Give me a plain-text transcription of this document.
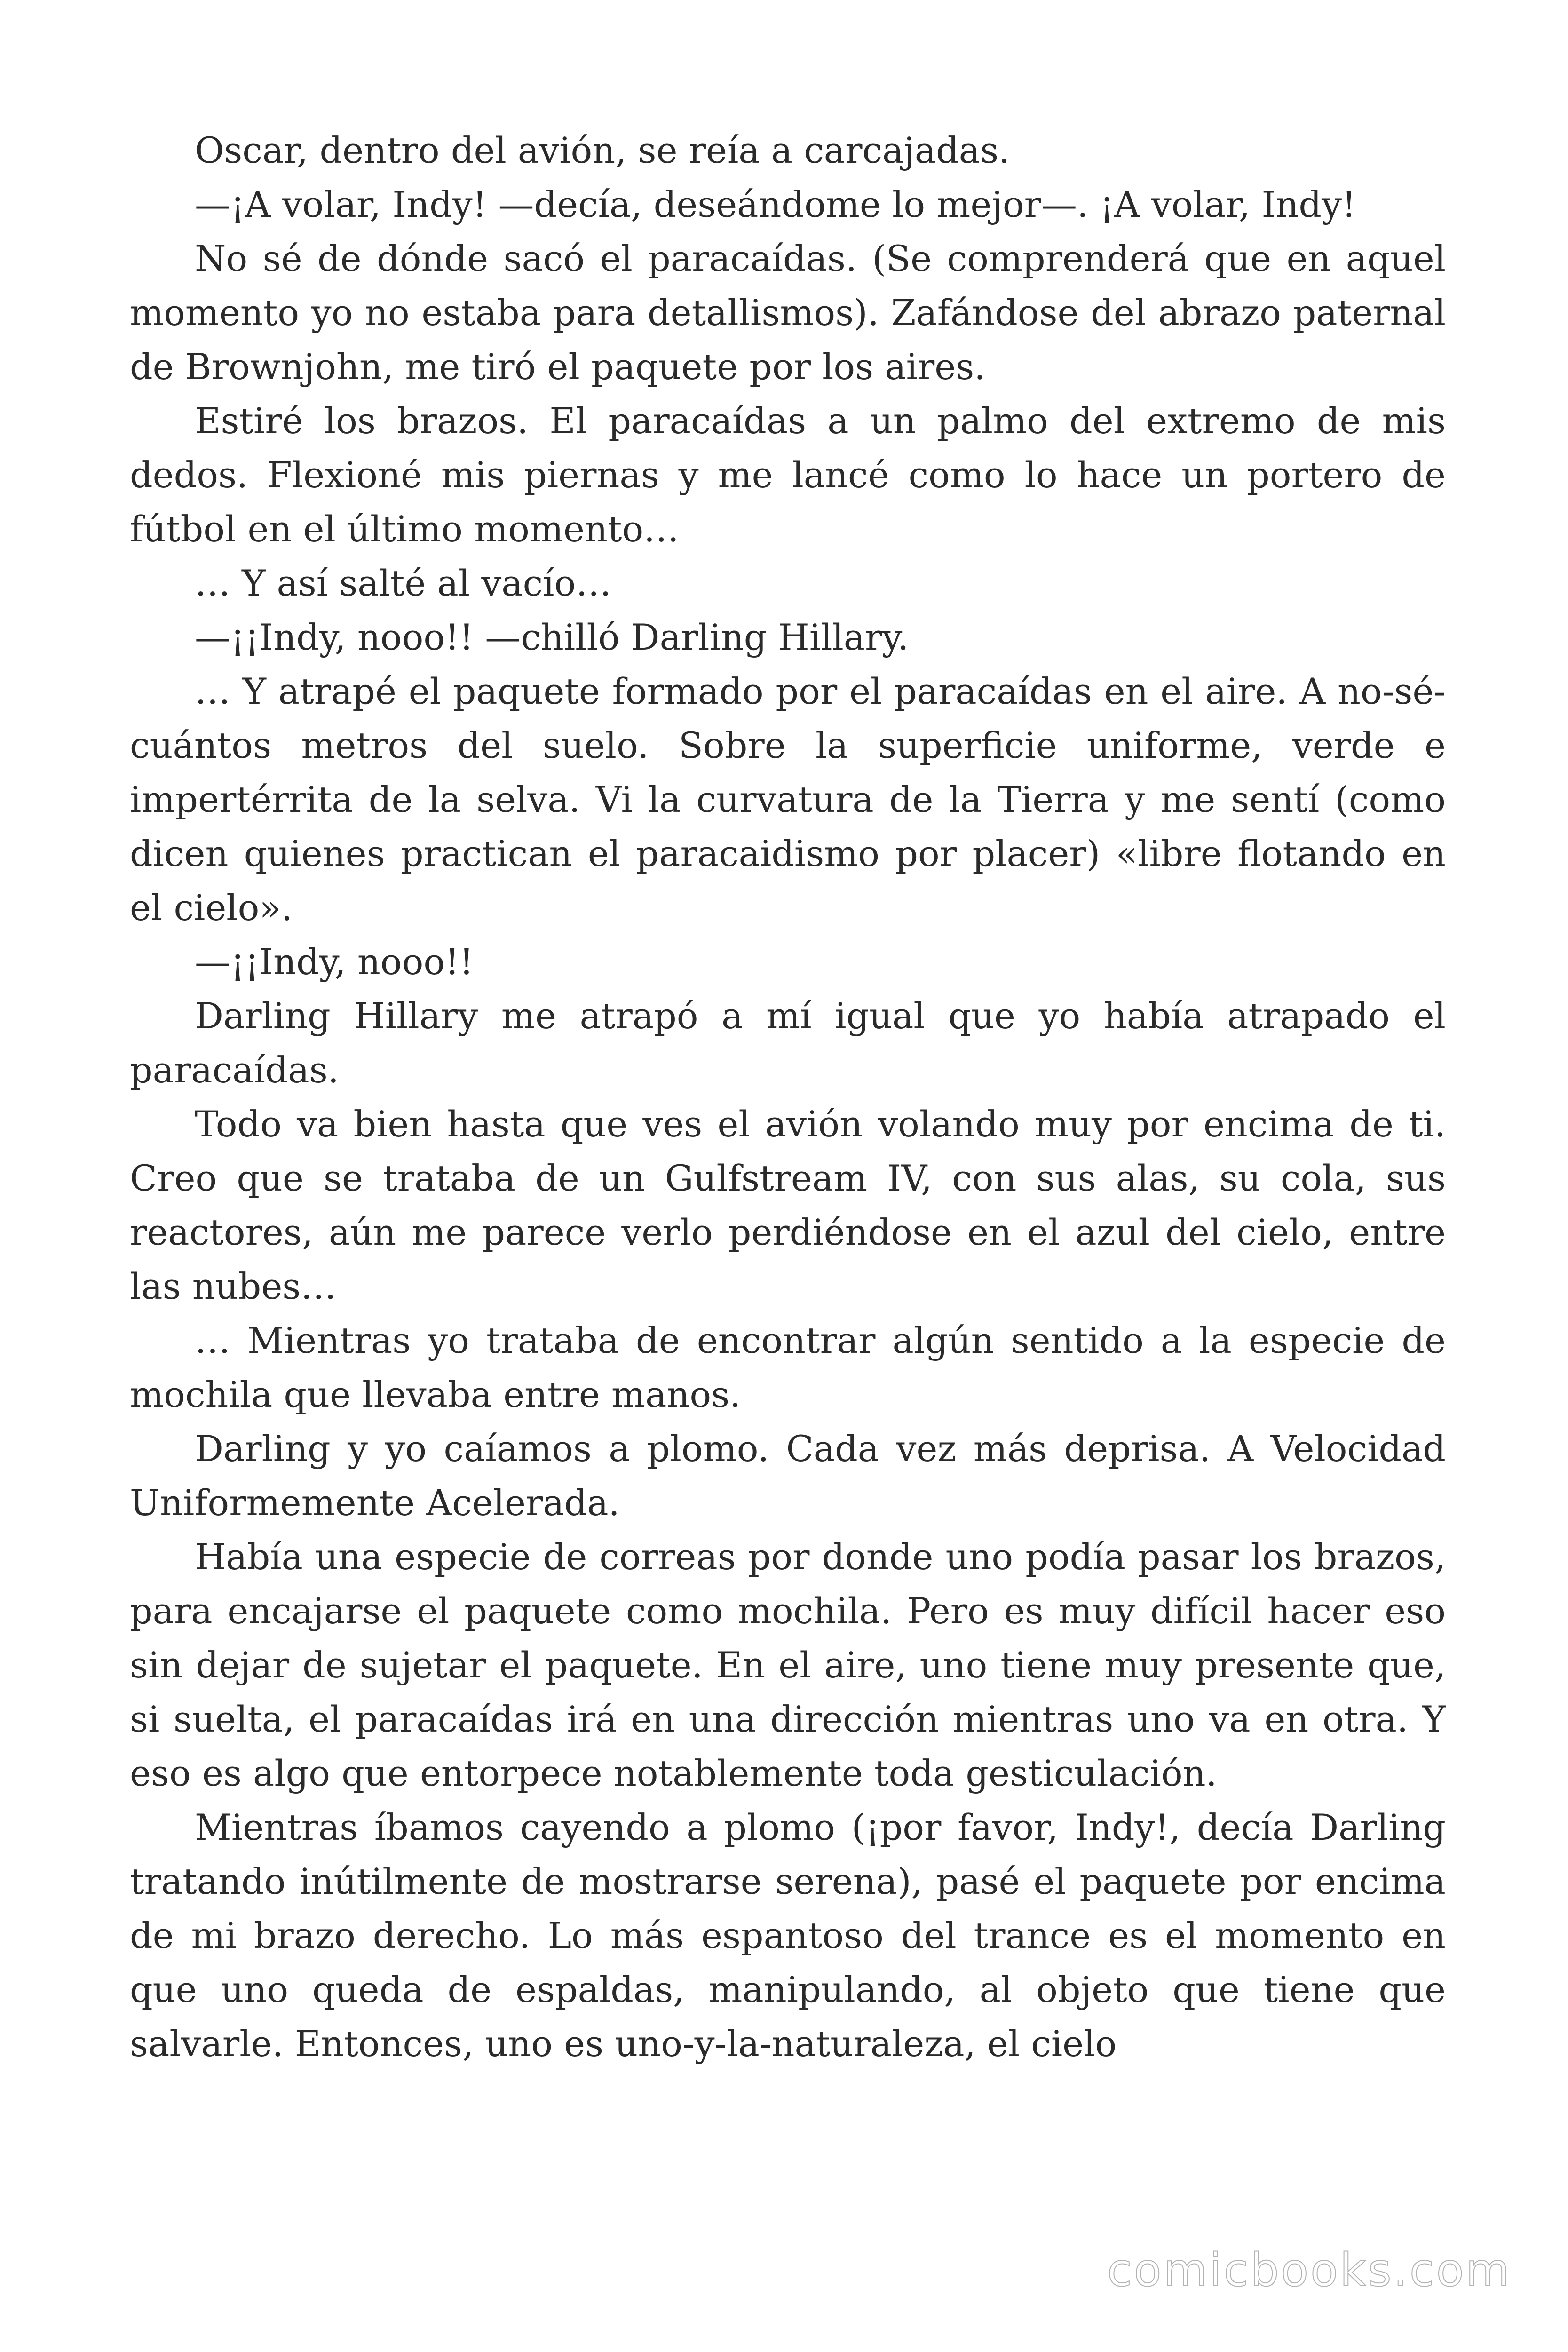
Oscar, dentro del avión, se reía a carcajadas.

—¡A volar, Indy! —decía, deseándome lo mejor—. ¡A volar, Indy!

No sé de dónde sacó el paracaídas. (Se comprenderá que en aquel momento yo no estaba para detallismos). Zafándose del abrazo paternal de Brownjohn, me tiró el paquete por los aires.

Estiré los brazos. El paracaídas a un palmo del extremo de mis dedos. Flexioné mis piernas y me lancé como lo hace un portero de fútbol en el último momento…

… Y así salté al vacío…

—¡¡Indy, nooo!! —chilló Darling Hillary.

… Y atrapé el paquete formado por el paracaídas en el aire. A no-sé-cuántos metros del suelo. Sobre la superficie uniforme, verde e impertérrita de la selva. Vi la curvatura de la Tierra y me sentí (como dicen quienes practican el paracaidismo por placer) «libre flotando en el cielo».

—¡¡Indy, nooo!!

Darling Hillary me atrapó a mí igual que yo había atrapado el paracaídas.

Todo va bien hasta que ves el avión volando muy por encima de ti. Creo que se trataba de un Gulfstream IV, con sus alas, su cola, sus reactores, aún me parece verlo perdiéndose en el azul del cielo, entre las nubes…

… Mientras yo trataba de encontrar algún sentido a la especie de mochila que llevaba entre manos.

Darling y yo caíamos a plomo. Cada vez más deprisa. A Velocidad Uniformemente Acelerada.

Había una especie de correas por donde uno podía pasar los brazos, para encajarse el paquete como mochila. Pero es muy difícil hacer eso sin dejar de sujetar el paquete. En el aire, uno tiene muy presente que, si suelta, el paracaídas irá en una dirección mientras uno va en otra. Y eso es algo que entorpece notablemente toda gesticulación.

Mientras íbamos cayendo a plomo (¡por favor, Indy!, decía Darling tratando inútilmente de mostrarse serena), pasé el paquete por encima de mi brazo derecho. Lo más espantoso del trance es el momento en que uno queda de espaldas, manipulando, al objeto que tiene que salvarle. Entonces, uno es uno-y-la-naturaleza, el cielo

comicbooks.com
